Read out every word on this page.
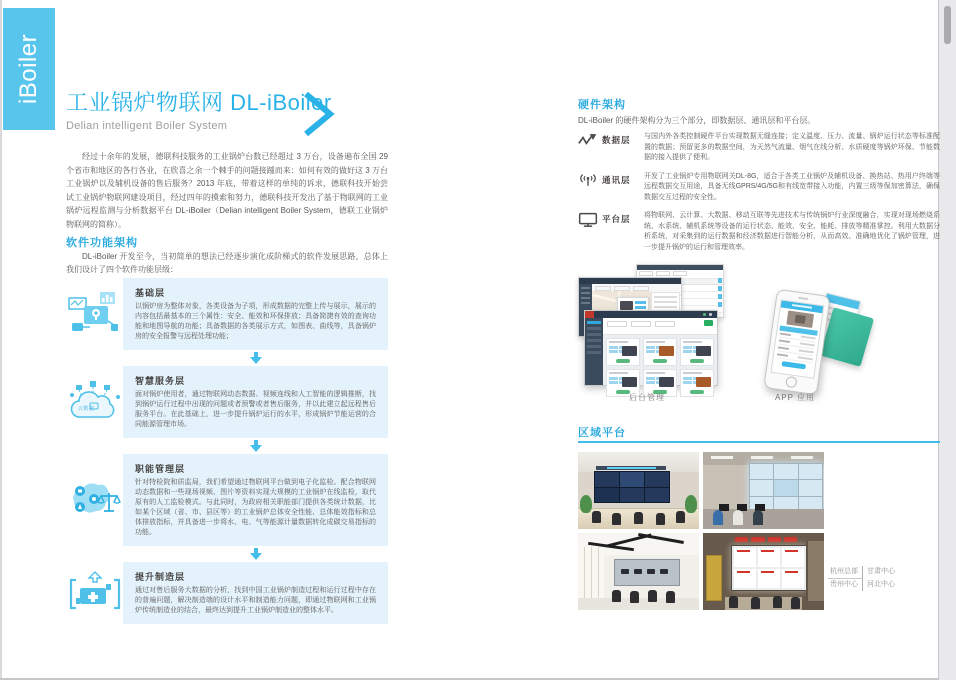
iBoiler 工业锅炉物联网 DL-iBoiler
Delian intelligent Boiler System

经过十余年的发展，德联科技服务的工业锅炉台数已经超过 3 万台，设备遍布全国 29 个省市和地区的各行各业，在欣喜之余一个棘手的问题接踵而来：如何有效的做好这 3 万台工业锅炉以及辅机设备的售后服务？2013 年底，带着这样的单纯的诉求，德联科技开始尝试工业锅炉物联网建设项目，经过四年的摸索和努力，德联科技开发出了基于物联网的工业锅炉远程监测与分析数据平台 DL-iBoiler（Delian intelligent Boiler System，德联工业锅炉物联网的简称）。

软件功能架构

DL-iBoiler 开发至今，当初简单的想法已经逐步演化成阶梯式的软件发展思路，总体上我们设计了四个软件功能层级：

基础层
以锅炉房为整体对象，各类设备为子项，形成数据的完整上传与展示，展示的内容包括最基本的三个属性：安全、能效和环保排放；具备简捷有效的查询功能和地图导航的功能；具备数据的各类展示方式，如图表、曲线等，具备锅炉房的安全报警与远程处理功能；
云数据
智慧服务层
面对锅炉使用者，通过物联网动态数据、视频连线和人工智能的逻辑推断，找到锅炉运行过程中出现的问题或者预警或者售后服务，并以此建立起远程售后服务平台。在此基础上，进一步提升锅炉运行的水平，形成锅炉节能运营的合同能源管理市场。
职能管理层
针对特检院和质监局，我们希望通过物联网平台做到电子化监检。配合物联网动态数据和一些现场视频、图片等资料实现大规模的工业锅炉在线监检，取代原有的人工监检模式。与此同时，为政府相关职能部门提供各类统计数据，比如某个区域（省、市、县区等）的工业锅炉总体安全性能、总体能效指标和总体排放指标，并具备进一步将水、电、气等能源计量数据转化成碳交易指标的功能。
提升制造层
通过对售后服务大数据的分析，找到中国工业锅炉制造过程和运行过程中存在的普遍问题，解决制造端的设计水平和制造能力问题，即通过物联网和工业锅炉传统制造业的结合，最终达到提升工业锅炉制造业的整体水平。
硬件架构

DL-iBoiler 的硬件架构分为三个部分，即数据层、通讯层和平台层。

数据层	与国内外各类控制硬件平台实现数据无缝连接；定义温度、压力、流量、锅炉运行状态等标准配置的数据；预留更多的数据空间，为天然气流量、烟气在线分析、水质硬度等锅炉环保、节能数据的接入提供了便利。

通讯层	开发了工业锅炉专用物联网关DL-8G，适合于各类工业锅炉及辅机设备、换热站、热用户终端等远程数据交互用途，具备无线GPRS/4G/5G和有线宽带接入功能，内置三级等保加密算法，确保数据交互过程的安全性。

平台层	将物联网、云计算、大数据、移动互联等先进技术与传统锅炉行业深度融合，实现对现场燃烧系统、水系统、辅机系统等设备的运行状态、能效、安全、能耗、排放等精准掌控。利用大数据分析系统，对采集到的运行数据和经济数据进行智能分析，从而高效、准确地优化了锅炉管理，进一步提升锅炉的运行和管理效率。

后台管理	APP 应用
区域平台
杭州总部	甘肃中心
贵州中心	河北中心
